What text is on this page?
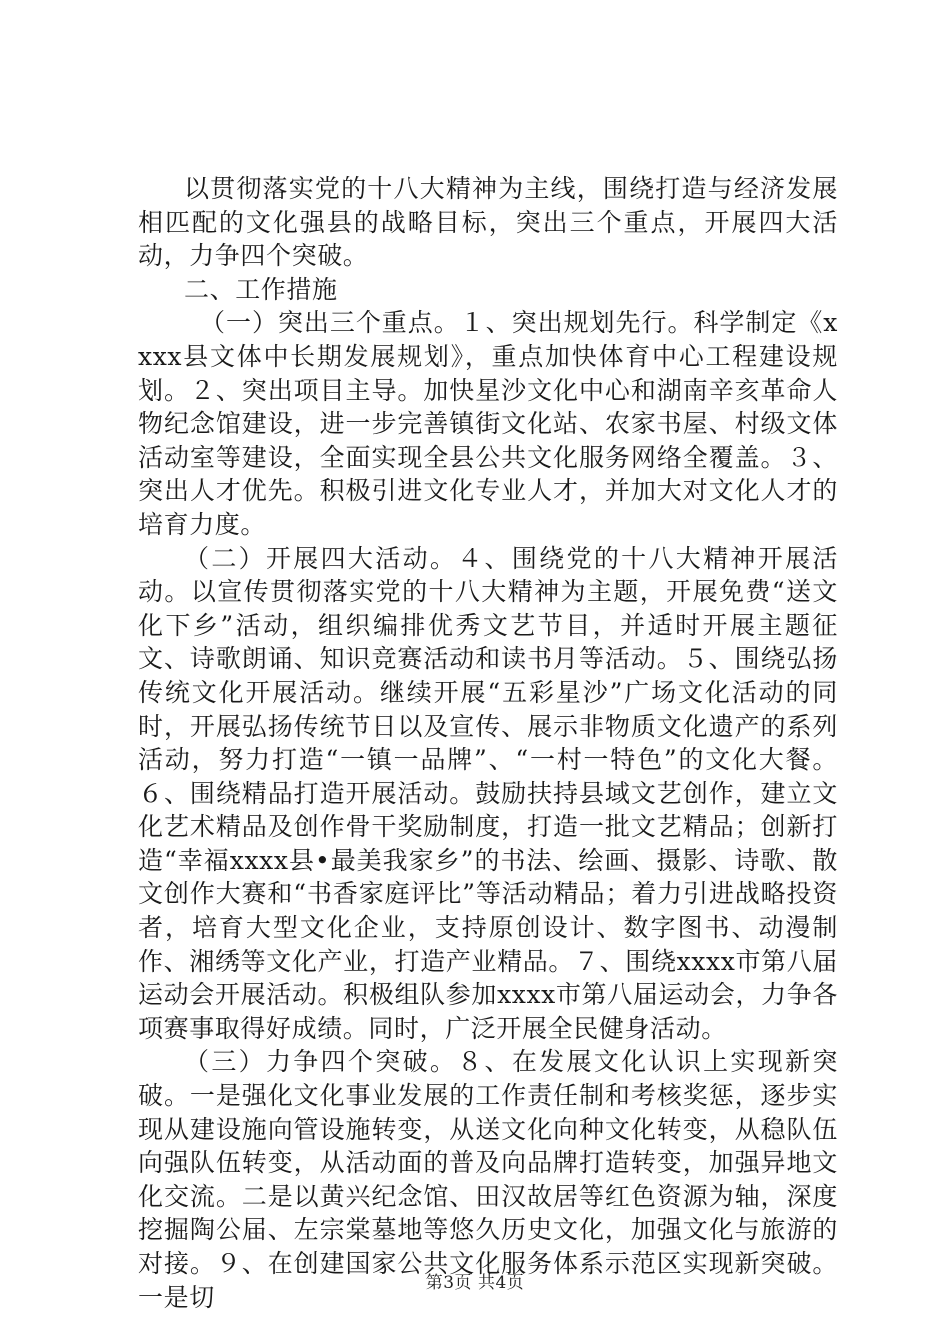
以贯彻落实党的十八大精神为主线，围绕打造与经济发展相匹配的文化强县的战略目标，突出三个重点，开展四大活动，力争四个突破。

二、工作措施

（一）突出三个重点。１、突出规划先行。科学制定《xxxx县文体中长期发展规划》，重点加快体育中心工程建设规划。２、突出项目主导。加快星沙文化中心和湖南辛亥革命人物纪念馆建设，进一步完善镇街文化站、农家书屋、村级文体活动室等建设，全面实现全县公共文化服务网络全覆盖。３、突出人才优先。积极引进文化专业人才，并加大对文化人才的培育力度。

（二）开展四大活动。４、围绕党的十八大精神开展活动。以宣传贯彻落实党的十八大精神为主题，开展免费“送文化下乡”活动，组织编排优秀文艺节目，并适时开展主题征文、诗歌朗诵、知识竞赛活动和读书月等活动。５、围绕弘扬传统文化开展活动。继续开展“五彩星沙”广场文化活动的同时，开展弘扬传统节日以及宣传、展示非物质文化遗产的系列活动，努力打造“一镇一品牌”、“一村一特色”的文化大餐。６、围绕精品打造开展活动。鼓励扶持县域文艺创作，建立文化艺术精品及创作骨干奖励制度，打造一批文艺精品；创新打造“幸福xxxx县•最美我家乡”的书法、绘画、摄影、诗歌、散文创作大赛和“书香家庭评比”等活动精品；着力引进战略投资者，培育大型文化企业，支持原创设计、数字图书、动漫制作、湘绣等文化产业，打造产业精品。７、围绕xxxx市第八届运动会开展活动。积极组队参加xxxx市第八届运动会，力争各项赛事取得好成绩。同时，广泛开展全民健身活动。

（三）力争四个突破。８、在发展文化认识上实现新突破。一是强化文化事业发展的工作责任制和考核奖惩，逐步实现从建设施向管设施转变，从送文化向种文化转变，从稳队伍向强队伍转变，从活动面的普及向品牌打造转变，加强异地文化交流。二是以黄兴纪念馆、田汉故居等红色资源为轴，深度挖掘陶公届、左宗棠墓地等悠久历史文化，加强文化与旅游的对接。９、在创建国家公共文化服务体系示范区实现新突破。一是切	第3页 共4页
